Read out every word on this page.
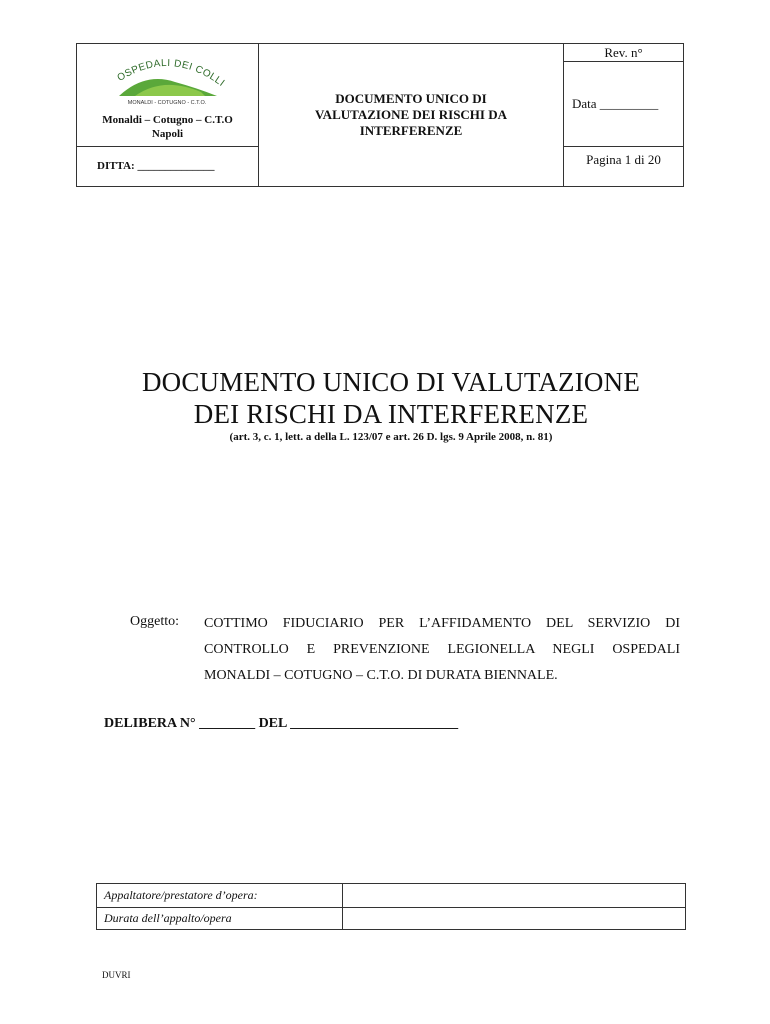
OSPEDALI DEI COLLI
MONALDI - COTUGNO - C.T.O.
Monaldi – Cotugno – C.T.O
Napoli
DITTA: ______________
DOCUMENTO UNICO DI
VALUTAZIONE DEI RISCHI DA
INTERFERENZE
Rev. n°
Data _________
Pagina 1 di 20
DOCUMENTO UNICO DI VALUTAZIONE
DEI RISCHI DA INTERFERENZE
(art. 3, c. 1, lett. a della L. 123/07 e art. 26 D. lgs. 9 Aprile 2008, n. 81)
Oggetto: COTTIMO FIDUCIARIO PER L’AFFIDAMENTO DEL SERVIZIO DI
CONTROLLO E PREVENZIONE LEGIONELLA NEGLI OSPEDALI
MONALDI – COTUGNO – C.T.O. DI DURATA BIENNALE.
DELIBERA N° ________ DEL ________________________
Appaltatore/prestatore d’opera:
Durata dell’appalto/opera
DUVRI
